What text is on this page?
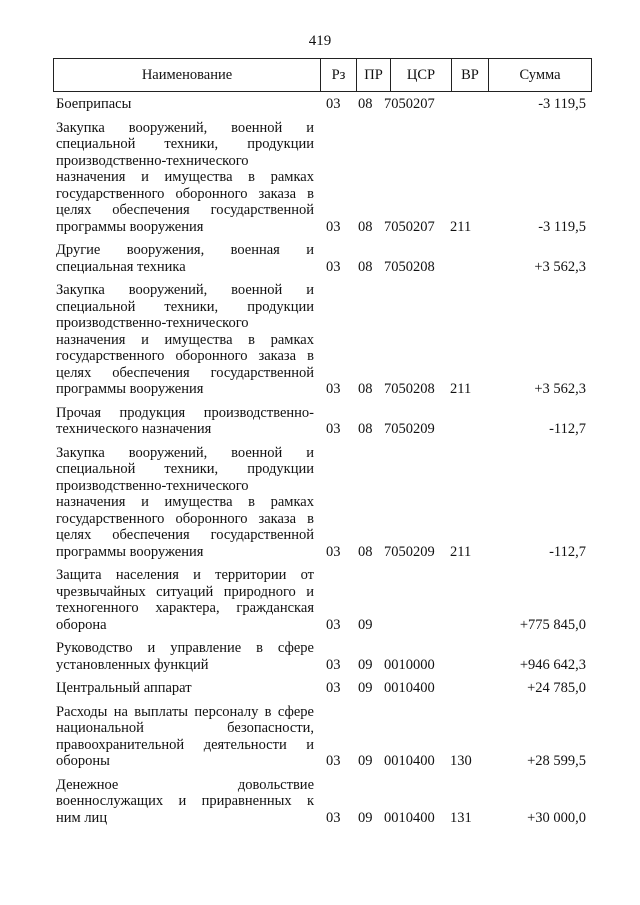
419
Наименование	Рз	ПР	ЦСР	ВР	Сумма
Боеприпасы	03	08 7050207	-3 119,5
Закупка вооружений, военной и
специальной техники, продукции
производственно-технического
назначения и имущества в рамках
государственного оборонного заказа в
целях обеспечения государственной
программы вооружения	03	08 7050207	211	-3 119,5
Другие вооружения, военная и
специальная техника	03	08 7050208	+3 562,3
Закупка вооружений, военной и
специальной техники, продукции
производственно-технического
назначения и имущества в рамках
государственного оборонного заказа в
целях обеспечения государственной
программы вооружения	03	08 7050208	211	+3 562,3
Прочая продукция производственно-
технического назначения	03	08 7050209	-112,7
Закупка вооружений, военной и
специальной техники, продукции
производственно-технического
назначения и имущества в рамках
государственного оборонного заказа в
целях обеспечения государственной
программы вооружения	03	08 7050209	211	-112,7
Защита населения и территории от
чрезвычайных ситуаций природного и
техногенного характера, гражданская
оборона	03	09	+775 845,0
Руководство и управление в сфере
установленных функций	03	09 0010000	+946 642,3
Центральный аппарат	03	09 0010400	+24 785,0
Расходы на выплаты персоналу в сфере
национальной безопасности,
правоохранительной деятельности и
обороны	03	09 0010400	130	+28 599,5
Денежное довольствие
военнослужащих и приравненных к
ним лиц	03	09 0010400	131	+30 000,0
